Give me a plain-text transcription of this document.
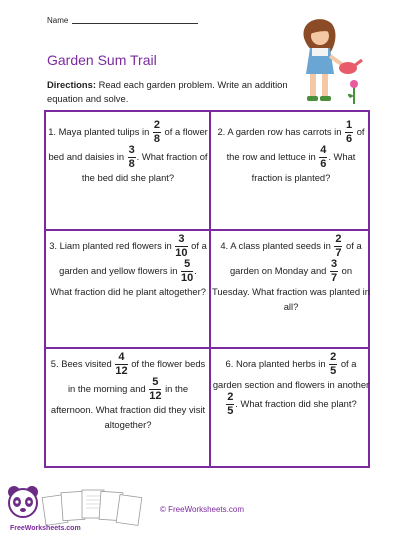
Name
Garden Sum Trail
Directions: Read each garden problem. Write an addition equation and solve.
1. Maya planted tulips in $\frac{2}{8}$ of a flower bed and daisies in $\frac{3}{8}$ . What fraction of the bed did she plant?
2. A garden row has carrots in $\frac{1}{6}$ of the row and lettuce in $\frac{4}{6}$ . What fraction is planted?
3. Liam planted red flowers in $\frac{3}{10}$ of a garden and yellow flowers in $\frac{5}{10}$ . What fraction did he plant altogether?
4. A class planted seeds in $\frac{2}{7}$ of a garden on Monday and $\frac{3}{7}$ on Tuesday. What fraction was planted in all?
5. Bees visited $\frac{4}{12}$ of the flower beds in the morning and $\frac{5}{12}$ in the afternoon. What fraction did they visit altogether?
6. Nora planted herbs in $\frac{2}{5}$ of a garden section and flowers in another
$\frac{2}{5}$ . What fraction did she plant?
FreeWorksheets.com
© FreeWorksheets.com
